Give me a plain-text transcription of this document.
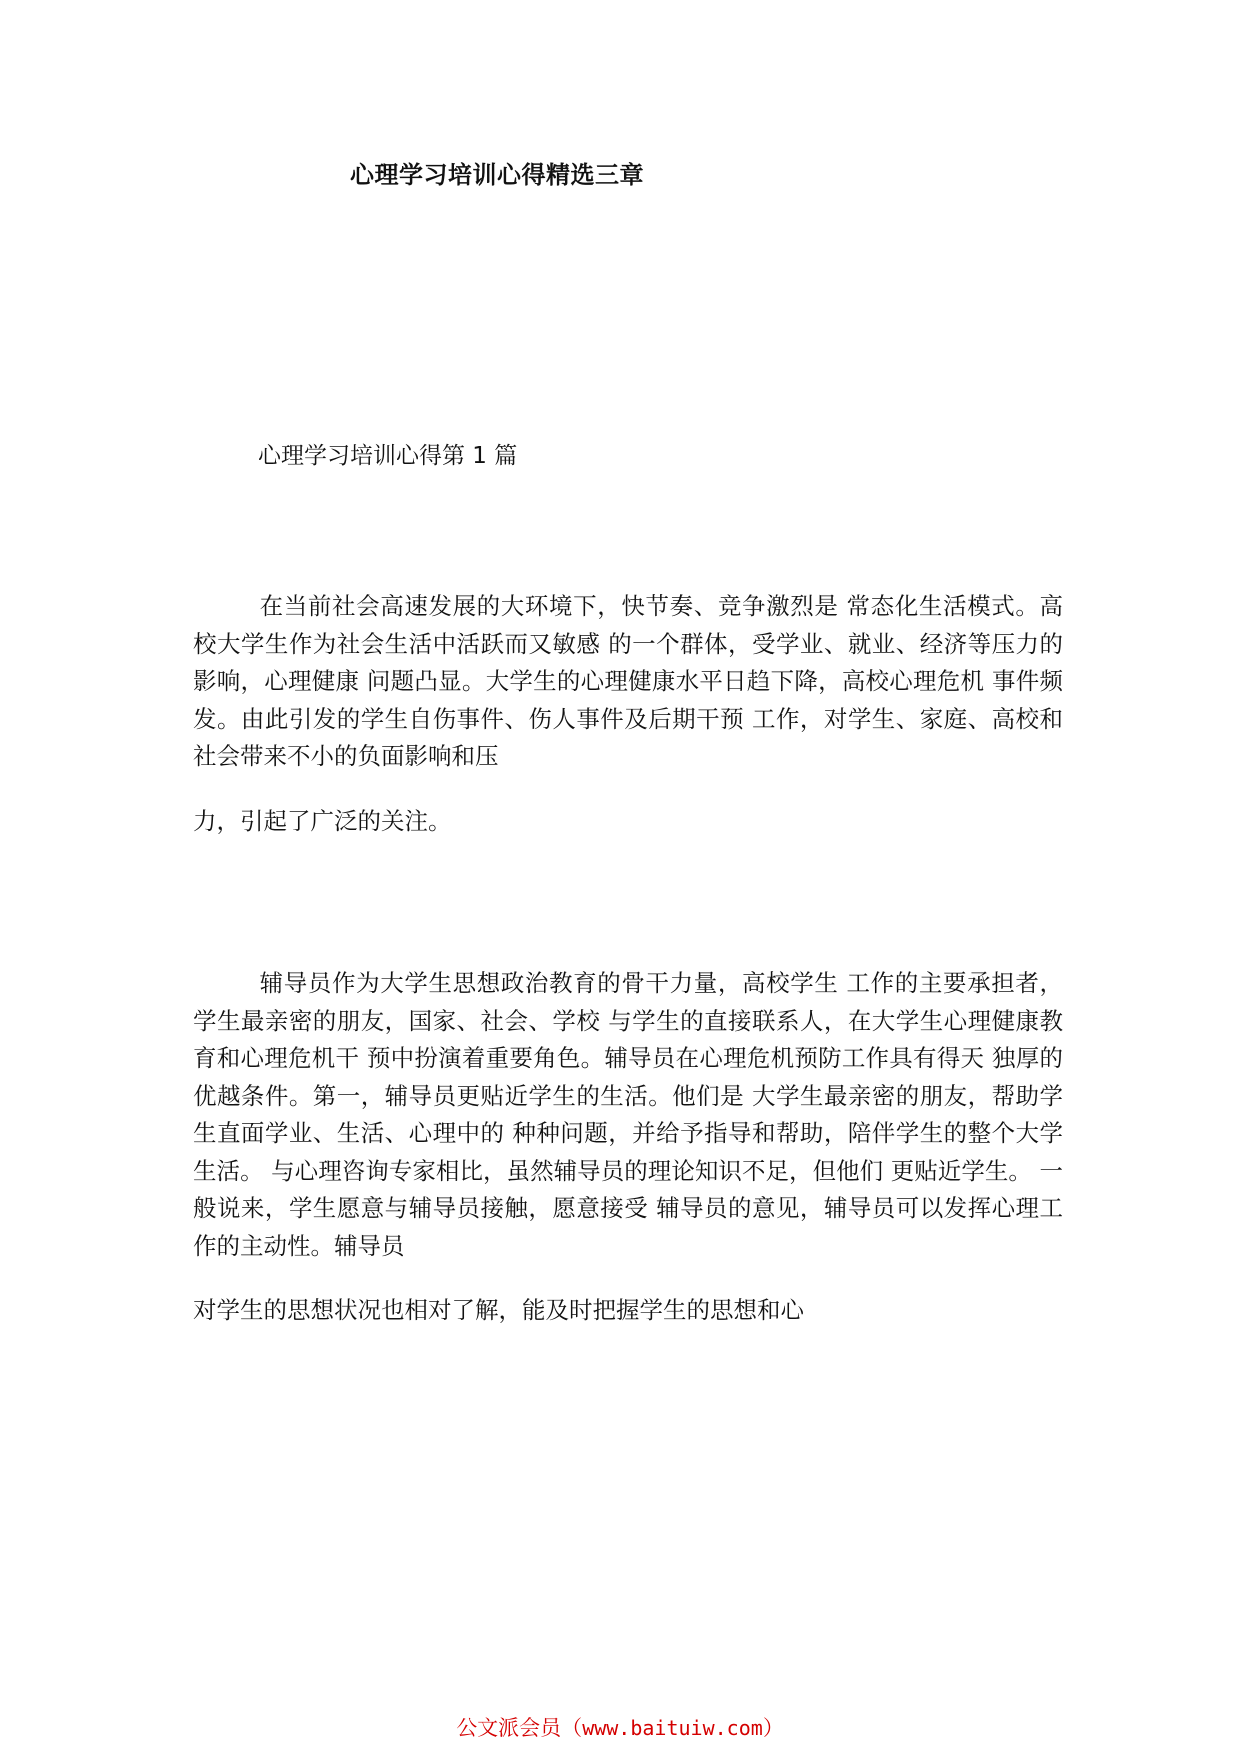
心理学习培训心得精选三章
心理学习培训心得第 1 篇

在当前社会高速发展的大环境下，快节奏、竞争激烈是 常态化生活模式。高校大学生作为社会生活中活跃而又敏感 的一个群体，受学业、就业、经济等压力的影响，心理健康 问题凸显。大学生的心理健康水平日趋下降，高校心理危机 事件频发。由此引发的学生自伤事件、伤人事件及后期干预 工作，对学生、家庭、高校和社会带来不小的负面影响和压

力，引起了广泛的关注。

辅导员作为大学生思想政治教育的骨干力量，高校学生 工作的主要承担者，学生最亲密的朋友，国家、社会、学校 与学生的直接联系人，在大学生心理健康教育和心理危机干 预中扮演着重要角色。辅导员在心理危机预防工作具有得天 独厚的优越条件。第一，辅导员更贴近学生的生活。他们是 大学生最亲密的朋友，帮助学生直面学业、生活、心理中的 种种问题，并给予指导和帮助，陪伴学生的整个大学生活。 与心理咨询专家相比，虽然辅导员的理论知识不足，但他们 更贴近学生。 一般说来，学生愿意与辅导员接触，愿意接受 辅导员的意见，辅导员可以发挥心理工作的主动性。辅导员

对学生的思想状况也相对了解，能及时把握学生的思想和心

公文派会员（www.baituiw.com）
